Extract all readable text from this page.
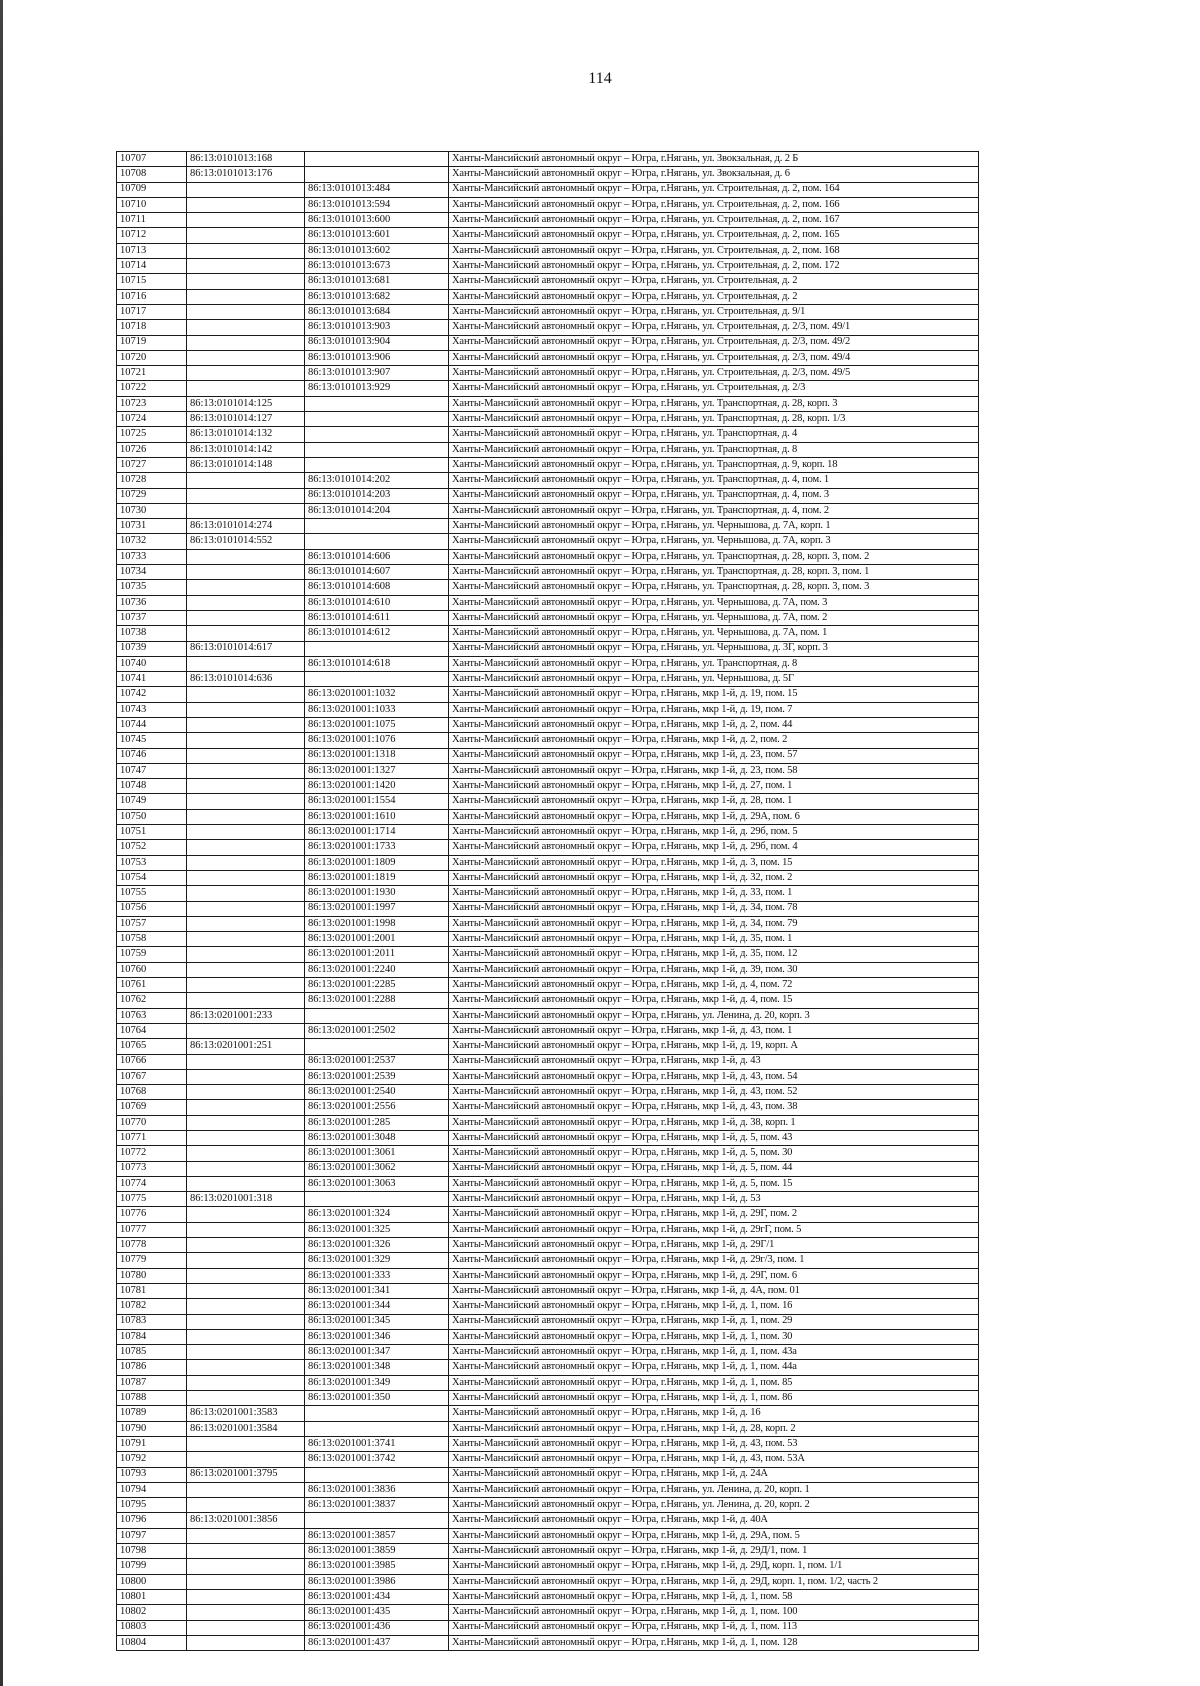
114
10707	86:13:0101013:168		Ханты-Мансийский автономный округ – Югра, г.Нягань, ул. Звокзальная, д. 2 Б
10708	86:13:0101013:176		Ханты-Мансийский автономный округ – Югра, г.Нягань, ул. Звокзальная, д. 6
10709		86:13:0101013:484	Ханты-Мансийский автономный округ – Югра, г.Нягань, ул. Строительная, д. 2, пом. 164
10710		86:13:0101013:594	Ханты-Мансийский автономный округ – Югра, г.Нягань, ул. Строительная, д. 2, пом. 166
10711		86:13:0101013:600	Ханты-Мансийский автономный округ – Югра, г.Нягань, ул. Строительная, д. 2, пом. 167
10712		86:13:0101013:601	Ханты-Мансийский автономный округ – Югра, г.Нягань, ул. Строительная, д. 2, пом. 165
10713		86:13:0101013:602	Ханты-Мансийский автономный округ – Югра, г.Нягань, ул. Строительная, д. 2, пом. 168
10714		86:13:0101013:673	Ханты-Мансийский автономный округ – Югра, г.Нягань, ул. Строительная, д. 2, пом. 172
10715		86:13:0101013:681	Ханты-Мансийский автономный округ – Югра, г.Нягань, ул. Строительная, д. 2
10716		86:13:0101013:682	Ханты-Мансийский автономный округ – Югра, г.Нягань, ул. Строительная, д. 2
10717		86:13:0101013:684	Ханты-Мансийский автономный округ – Югра, г.Нягань, ул. Строительная, д. 9/1
10718		86:13:0101013:903	Ханты-Мансийский автономный округ – Югра, г.Нягань, ул. Строительная, д. 2/3, пом. 49/1
10719		86:13:0101013:904	Ханты-Мансийский автономный округ – Югра, г.Нягань, ул. Строительная, д. 2/3, пом. 49/2
10720		86:13:0101013:906	Ханты-Мансийский автономный округ – Югра, г.Нягань, ул. Строительная, д. 2/3, пом. 49/4
10721		86:13:0101013:907	Ханты-Мансийский автономный округ – Югра, г.Нягань, ул. Строительная, д. 2/3, пом. 49/5
10722		86:13:0101013:929	Ханты-Мансийский автономный округ – Югра, г.Нягань, ул. Строительная, д. 2/3
10723	86:13:0101014:125		Ханты-Мансийский автономный округ – Югра, г.Нягань, ул. Транспортная, д. 28, корп. 3
10724	86:13:0101014:127		Ханты-Мансийский автономный округ – Югра, г.Нягань, ул. Транспортная, д. 28, корп. 1/3
10725	86:13:0101014:132		Ханты-Мансийский автономный округ – Югра, г.Нягань, ул. Транспортная, д. 4
10726	86:13:0101014:142		Ханты-Мансийский автономный округ – Югра, г.Нягань, ул. Транспортная, д. 8
10727	86:13:0101014:148		Ханты-Мансийский автономный округ – Югра, г.Нягань, ул. Транспортная, д. 9, корп. 18
10728		86:13:0101014:202	Ханты-Мансийский автономный округ – Югра, г.Нягань, ул. Транспортная, д. 4, пом. 1
10729		86:13:0101014:203	Ханты-Мансийский автономный округ – Югра, г.Нягань, ул. Транспортная, д. 4, пом. 3
10730		86:13:0101014:204	Ханты-Мансийский автономный округ – Югра, г.Нягань, ул. Транспортная, д. 4, пом. 2
10731	86:13:0101014:274		Ханты-Мансийский автономный округ – Югра, г.Нягань, ул. Чернышова, д. 7А, корп. 1
10732	86:13:0101014:552		Ханты-Мансийский автономный округ – Югра, г.Нягань, ул. Чернышова, д. 7А, корп. 3
10733		86:13:0101014:606	Ханты-Мансийский автономный округ – Югра, г.Нягань, ул. Транспортная, д. 28, корп. 3, пом. 2
10734		86:13:0101014:607	Ханты-Мансийский автономный округ – Югра, г.Нягань, ул. Транспортная, д. 28, корп. 3, пом. 1
10735		86:13:0101014:608	Ханты-Мансийский автономный округ – Югра, г.Нягань, ул. Транспортная, д. 28, корп. 3, пом. 3
10736		86:13:0101014:610	Ханты-Мансийский автономный округ – Югра, г.Нягань, ул. Чернышова, д. 7А, пом. 3
10737		86:13:0101014:611	Ханты-Мансийский автономный округ – Югра, г.Нягань, ул. Чернышова, д. 7А, пом. 2
10738		86:13:0101014:612	Ханты-Мансийский автономный округ – Югра, г.Нягань, ул. Чернышова, д. 7А, пом. 1
10739	86:13:0101014:617		Ханты-Мансийский автономный округ – Югра, г.Нягань, ул. Чернышова, д. 3Г, корп. 3
10740		86:13:0101014:618	Ханты-Мансийский автономный округ – Югра, г.Нягань, ул. Транспортная, д. 8
10741	86:13:0101014:636		Ханты-Мансийский автономный округ – Югра, г.Нягань, ул. Чернышова, д. 5Г
10742		86:13:0201001:1032	Ханты-Мансийский автономный округ – Югра, г.Нягань, мкр 1-й, д. 19, пом. 15
10743		86:13:0201001:1033	Ханты-Мансийский автономный округ – Югра, г.Нягань, мкр 1-й, д. 19, пом. 7
10744		86:13:0201001:1075	Ханты-Мансийский автономный округ – Югра, г.Нягань, мкр 1-й, д. 2, пом. 44
10745		86:13:0201001:1076	Ханты-Мансийский автономный округ – Югра, г.Нягань, мкр 1-й, д. 2, пом. 2
10746		86:13:0201001:1318	Ханты-Мансийский автономный округ – Югра, г.Нягань, мкр 1-й, д. 23, пом. 57
10747		86:13:0201001:1327	Ханты-Мансийский автономный округ – Югра, г.Нягань, мкр 1-й, д. 23, пом. 58
10748		86:13:0201001:1420	Ханты-Мансийский автономный округ – Югра, г.Нягань, мкр 1-й, д. 27, пом. 1
10749		86:13:0201001:1554	Ханты-Мансийский автономный округ – Югра, г.Нягань, мкр 1-й, д. 28, пом. 1
10750		86:13:0201001:1610	Ханты-Мансийский автономный округ – Югра, г.Нягань, мкр 1-й, д. 29А, пом. 6
10751		86:13:0201001:1714	Ханты-Мансийский автономный округ – Югра, г.Нягань, мкр 1-й, д. 29б, пом. 5
10752		86:13:0201001:1733	Ханты-Мансийский автономный округ – Югра, г.Нягань, мкр 1-й, д. 29б, пом. 4
10753		86:13:0201001:1809	Ханты-Мансийский автономный округ – Югра, г.Нягань, мкр 1-й, д. 3, пом. 15
10754		86:13:0201001:1819	Ханты-Мансийский автономный округ – Югра, г.Нягань, мкр 1-й, д. 32, пом. 2
10755		86:13:0201001:1930	Ханты-Мансийский автономный округ – Югра, г.Нягань, мкр 1-й, д. 33, пом. 1
10756		86:13:0201001:1997	Ханты-Мансийский автономный округ – Югра, г.Нягань, мкр 1-й, д. 34, пом. 78
10757		86:13:0201001:1998	Ханты-Мансийский автономный округ – Югра, г.Нягань, мкр 1-й, д. 34, пом. 79
10758		86:13:0201001:2001	Ханты-Мансийский автономный округ – Югра, г.Нягань, мкр 1-й, д. 35, пом. 1
10759		86:13:0201001:2011	Ханты-Мансийский автономный округ – Югра, г.Нягань, мкр 1-й, д. 35, пом. 12
10760		86:13:0201001:2240	Ханты-Мансийский автономный округ – Югра, г.Нягань, мкр 1-й, д. 39, пом. 30
10761		86:13:0201001:2285	Ханты-Мансийский автономный округ – Югра, г.Нягань, мкр 1-й, д. 4, пом. 72
10762		86:13:0201001:2288	Ханты-Мансийский автономный округ – Югра, г.Нягань, мкр 1-й, д. 4, пом. 15
10763	86:13:0201001:233		Ханты-Мансийский автономный округ – Югра, г.Нягань, ул. Ленина, д. 20, корп. 3
10764		86:13:0201001:2502	Ханты-Мансийский автономный округ – Югра, г.Нягань, мкр 1-й, д. 43, пом. 1
10765	86:13:0201001:251		Ханты-Мансийский автономный округ – Югра, г.Нягань, мкр 1-й, д. 19, корп. А
10766		86:13:0201001:2537	Ханты-Мансийский автономный округ – Югра, г.Нягань, мкр 1-й, д. 43
10767		86:13:0201001:2539	Ханты-Мансийский автономный округ – Югра, г.Нягань, мкр 1-й, д. 43, пом. 54
10768		86:13:0201001:2540	Ханты-Мансийский автономный округ – Югра, г.Нягань, мкр 1-й, д. 43, пом. 52
10769		86:13:0201001:2556	Ханты-Мансийский автономный округ – Югра, г.Нягань, мкр 1-й, д. 43, пом. 38
10770		86:13:0201001:285	Ханты-Мансийский автономный округ – Югра, г.Нягань, мкр 1-й, д. 38, корп. 1
10771		86:13:0201001:3048	Ханты-Мансийский автономный округ – Югра, г.Нягань, мкр 1-й, д. 5, пом. 43
10772		86:13:0201001:3061	Ханты-Мансийский автономный округ – Югра, г.Нягань, мкр 1-й, д. 5, пом. 30
10773		86:13:0201001:3062	Ханты-Мансийский автономный округ – Югра, г.Нягань, мкр 1-й, д. 5, пом. 44
10774		86:13:0201001:3063	Ханты-Мансийский автономный округ – Югра, г.Нягань, мкр 1-й, д. 5, пом. 15
10775	86:13:0201001:318		Ханты-Мансийский автономный округ – Югра, г.Нягань, мкр 1-й, д. 53
10776		86:13:0201001:324	Ханты-Мансийский автономный округ – Югра, г.Нягань, мкр 1-й, д. 29Г, пом. 2
10777		86:13:0201001:325	Ханты-Мансийский автономный округ – Югра, г.Нягань, мкр 1-й, д. 29гГ, пом. 5
10778		86:13:0201001:326	Ханты-Мансийский автономный округ – Югра, г.Нягань, мкр 1-й, д. 29Г/1
10779		86:13:0201001:329	Ханты-Мансийский автономный округ – Югра, г.Нягань, мкр 1-й, д. 29г/3, пом. 1
10780		86:13:0201001:333	Ханты-Мансийский автономный округ – Югра, г.Нягань, мкр 1-й, д. 29Г, пом. 6
10781		86:13:0201001:341	Ханты-Мансийский автономный округ – Югра, г.Нягань, мкр 1-й, д. 4А, пом. 01
10782		86:13:0201001:344	Ханты-Мансийский автономный округ – Югра, г.Нягань, мкр 1-й, д. 1, пом. 16
10783		86:13:0201001:345	Ханты-Мансийский автономный округ – Югра, г.Нягань, мкр 1-й, д. 1, пом. 29
10784		86:13:0201001:346	Ханты-Мансийский автономный округ – Югра, г.Нягань, мкр 1-й, д. 1, пом. 30
10785		86:13:0201001:347	Ханты-Мансийский автономный округ – Югра, г.Нягань, мкр 1-й, д. 1, пом. 43а
10786		86:13:0201001:348	Ханты-Мансийский автономный округ – Югра, г.Нягань, мкр 1-й, д. 1, пом. 44а
10787		86:13:0201001:349	Ханты-Мансийский автономный округ – Югра, г.Нягань, мкр 1-й, д. 1, пом. 85
10788		86:13:0201001:350	Ханты-Мансийский автономный округ – Югра, г.Нягань, мкр 1-й, д. 1, пом. 86
10789	86:13:0201001:3583		Ханты-Мансийский автономный округ – Югра, г.Нягань, мкр 1-й, д. 16
10790	86:13:0201001:3584		Ханты-Мансийский автономный округ – Югра, г.Нягань, мкр 1-й, д. 28, корп. 2
10791		86:13:0201001:3741	Ханты-Мансийский автономный округ – Югра, г.Нягань, мкр 1-й, д. 43, пом. 53
10792		86:13:0201001:3742	Ханты-Мансийский автономный округ – Югра, г.Нягань, мкр 1-й, д. 43, пом. 53А
10793	86:13:0201001:3795		Ханты-Мансийский автономный округ – Югра, г.Нягань, мкр 1-й, д. 24А
10794		86:13:0201001:3836	Ханты-Мансийский автономный округ – Югра, г.Нягань, ул. Ленина, д. 20, корп. 1
10795		86:13:0201001:3837	Ханты-Мансийский автономный округ – Югра, г.Нягань, ул. Ленина, д. 20, корп. 2
10796	86:13:0201001:3856		Ханты-Мансийский автономный округ – Югра, г.Нягань, мкр 1-й, д. 40А
10797		86:13:0201001:3857	Ханты-Мансийский автономный округ – Югра, г.Нягань, мкр 1-й, д. 29А, пом. 5
10798		86:13:0201001:3859	Ханты-Мансийский автономный округ – Югра, г.Нягань, мкр 1-й, д. 29Д/1, пом. 1
10799		86:13:0201001:3985	Ханты-Мансийский автономный округ – Югра, г.Нягань, мкр 1-й, д. 29Д, корп. 1, пом. 1/1
10800		86:13:0201001:3986	Ханты-Мансийский автономный округ – Югра, г.Нягань, мкр 1-й, д. 29Д, корп. 1, пом. 1/2, часть 2
10801		86:13:0201001:434	Ханты-Мансийский автономный округ – Югра, г.Нягань, мкр 1-й, д. 1, пом. 58
10802		86:13:0201001:435	Ханты-Мансийский автономный округ – Югра, г.Нягань, мкр 1-й, д. 1, пом. 100
10803		86:13:0201001:436	Ханты-Мансийский автономный округ – Югра, г.Нягань, мкр 1-й, д. 1, пом. 113
10804		86:13:0201001:437	Ханты-Мансийский автономный округ – Югра, г.Нягань, мкр 1-й, д. 1, пом. 128
